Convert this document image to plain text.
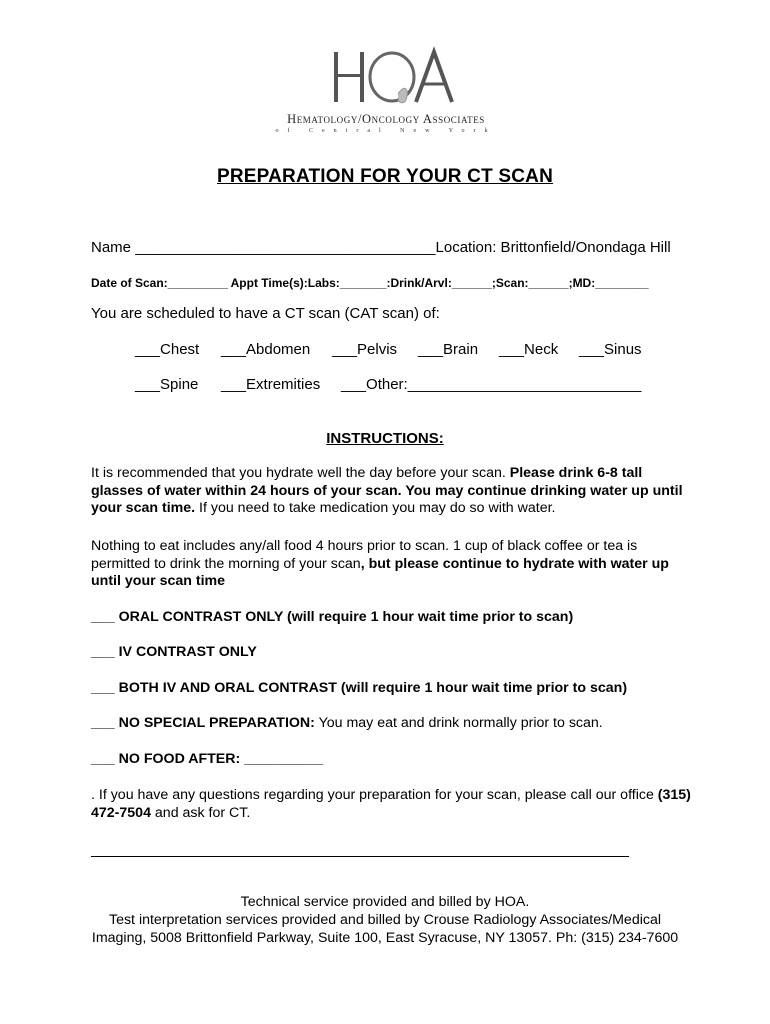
Hematology/Oncology Associates
of Central New York
PREPARATION FOR YOUR CT SCAN
Name ____________________________________Location: Brittonfield/Onondaga Hill
Date of Scan:_________ Appt Time(s):Labs:_______:Drink/Arvl:______;Scan:______;MD:________
You are scheduled to have a CT scan (CAT scan) of:
___Chest ___Abdomen ___Pelvis ___Brain ___Neck ___Sinus
___Spine ___Extremities ___Other:____________________________
INSTRUCTIONS:
It is recommended that you hydrate well the day before your scan. Please drink 6-8 tall glasses of water within 24 hours of your scan. You may continue drinking water up until your scan time. If you need to take medication you may do so with water.
Nothing to eat includes any/all food 4 hours prior to scan. 1 cup of black coffee or tea is permitted to drink the morning of your scan, but please continue to hydrate with water up until your scan time
___ ORAL CONTRAST ONLY (will require 1 hour wait time prior to scan)
___ IV CONTRAST ONLY
___ BOTH IV AND ORAL CONTRAST (will require 1 hour wait time prior to scan)
___ NO SPECIAL PREPARATION: You may eat and drink normally prior to scan.
___ NO FOOD AFTER: __________
. If you have any questions regarding your preparation for your scan, please call our office (315) 472-7504 and ask for CT.
Technical service provided and billed by HOA.
Test interpretation services provided and billed by Crouse Radiology Associates/Medical Imaging, 5008 Brittonfield Parkway, Suite 100, East Syracuse, NY 13057. Ph: (315) 234-7600
